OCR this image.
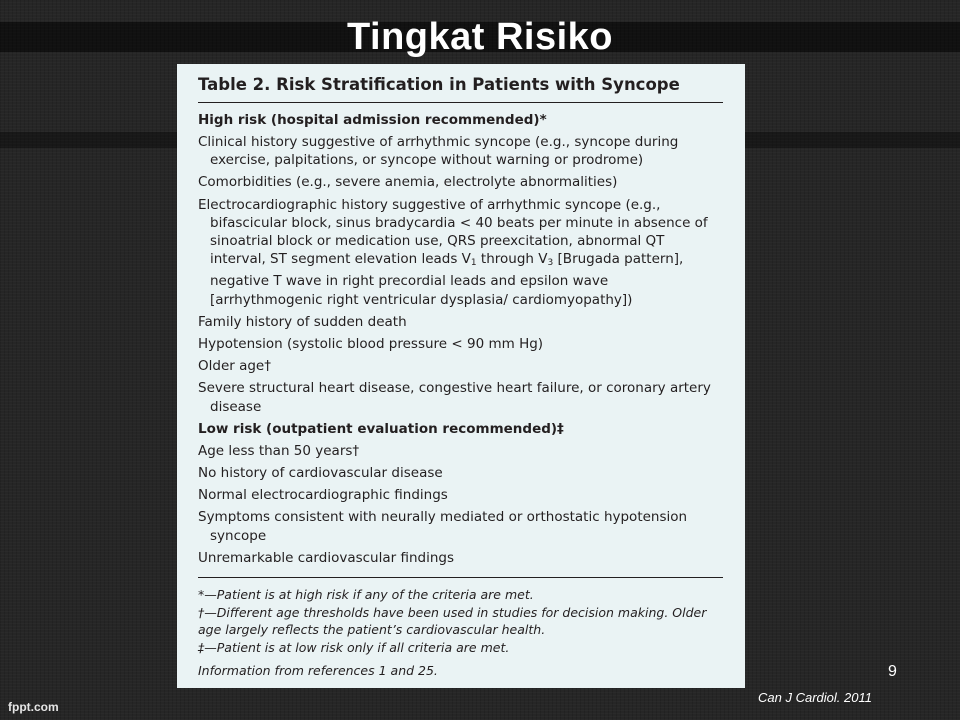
Tingkat Risiko
Table 2. Risk Stratification in Patients with Syncope
High risk (hospital admission recommended)*
Clinical history suggestive of arrhythmic syncope (e.g., syncope during exercise, palpitations, or syncope without warning or prodrome)
Comorbidities (e.g., severe anemia, electrolyte abnormalities)
Electrocardiographic history suggestive of arrhythmic syncope (e.g., bifascicular block, sinus bradycardia < 40 beats per minute in absence of sinoatrial block or medication use, QRS preexcitation, abnormal QT interval, ST segment elevation leads $V_1$ through $V_3$ [Brugada pattern], negative T wave in right precordial leads and epsilon wave [arrhythmogenic right ventricular dysplasia/ cardiomyopathy])
Family history of sudden death
Hypotension (systolic blood pressure < 90 mm Hg)
Older age†
Severe structural heart disease, congestive heart failure, or coronary artery disease
Low risk (outpatient evaluation recommended)‡
Age less than 50 years†
No history of cardiovascular disease
Normal electrocardiographic findings
Symptoms consistent with neurally mediated or orthostatic hypotension syncope
Unremarkable cardiovascular findings
*—Patient is at high risk if any of the criteria are met.
†—Different age thresholds have been used in studies for decision making. Older age largely reflects the patient’s cardiovascular health.
‡—Patient is at low risk only if all criteria are met.
Information from references 1 and 25.	9
Can J Cardiol. 2011
fppt.com
